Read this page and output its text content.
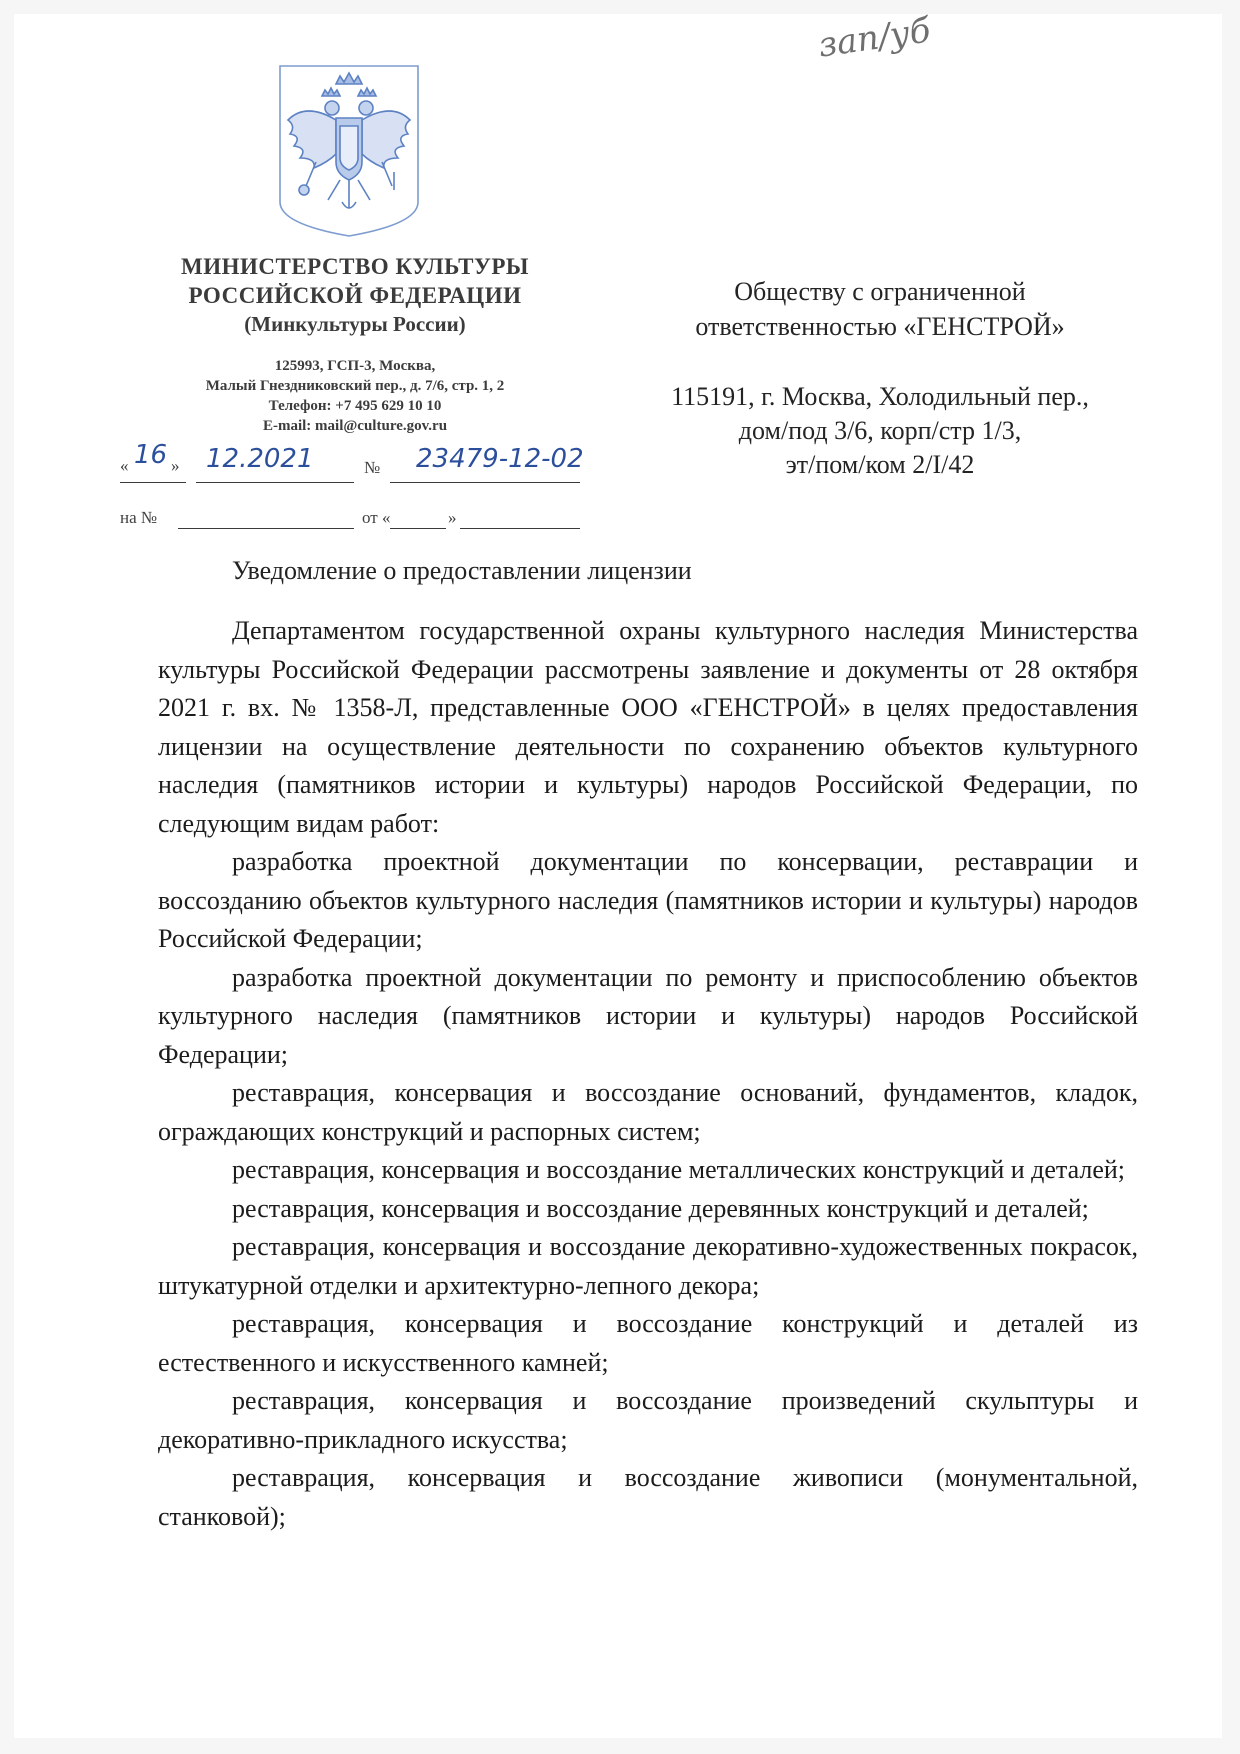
зап/уб
МИНИСТЕРСТВО КУЛЬТУРЫ
РОССИЙСКОЙ ФЕДЕРАЦИИ
(Минкультуры России)
125993, ГСП-3, Москва,
Малый Гнездниковский пер., д. 7/6, стр. 1, 2
Телефон: +7 495 629 10 10
E-mail: mail@culture.gov.ru
« 16 » 12.2021	№ 23479-12-02
на №	от «	»
Обществу с ограниченной
ответственностью «ГЕНСТРОЙ»
115191, г. Москва, Холодильный пер.,
дом/под 3/6, корп/стр 1/3,
эт/пом/ком 2/I/42
Уведомление о предоставлении лицензии

Департаментом государственной охраны культурного наследия Министерства культуры Российской Федерации рассмотрены заявление и документы от 28 октября 2021 г. вх. № 1358-Л, представленные ООО «ГЕНСТРОЙ» в целях предоставления лицензии на осуществление деятельности по сохранению объектов культурного наследия (памятников истории и культуры) народов Российской Федерации, по следующим видам работ:

разработка проектной документации по консервации, реставрации и воссозданию объектов культурного наследия (памятников истории и культуры) народов Российской Федерации;

разработка проектной документации по ремонту и приспособлению объектов культурного наследия (памятников истории и культуры) народов Российской Федерации;

реставрация, консервация и воссоздание оснований, фундаментов, кладок, ограждающих конструкций и распорных систем;

реставрация, консервация и воссоздание металлических конструкций и деталей;

реставрация, консервация и воссоздание деревянных конструкций и деталей;

реставрация, консервация и воссоздание декоративно-художественных покрасок, штукатурной отделки и архитектурно-лепного декора;

реставрация, консервация и воссоздание конструкций и деталей из естественного и искусственного камней;

реставрация, консервация и воссоздание произведений скульптуры и декоративно-прикладного искусства;

реставрация, консервация и воссоздание живописи (монументальной, станковой);
